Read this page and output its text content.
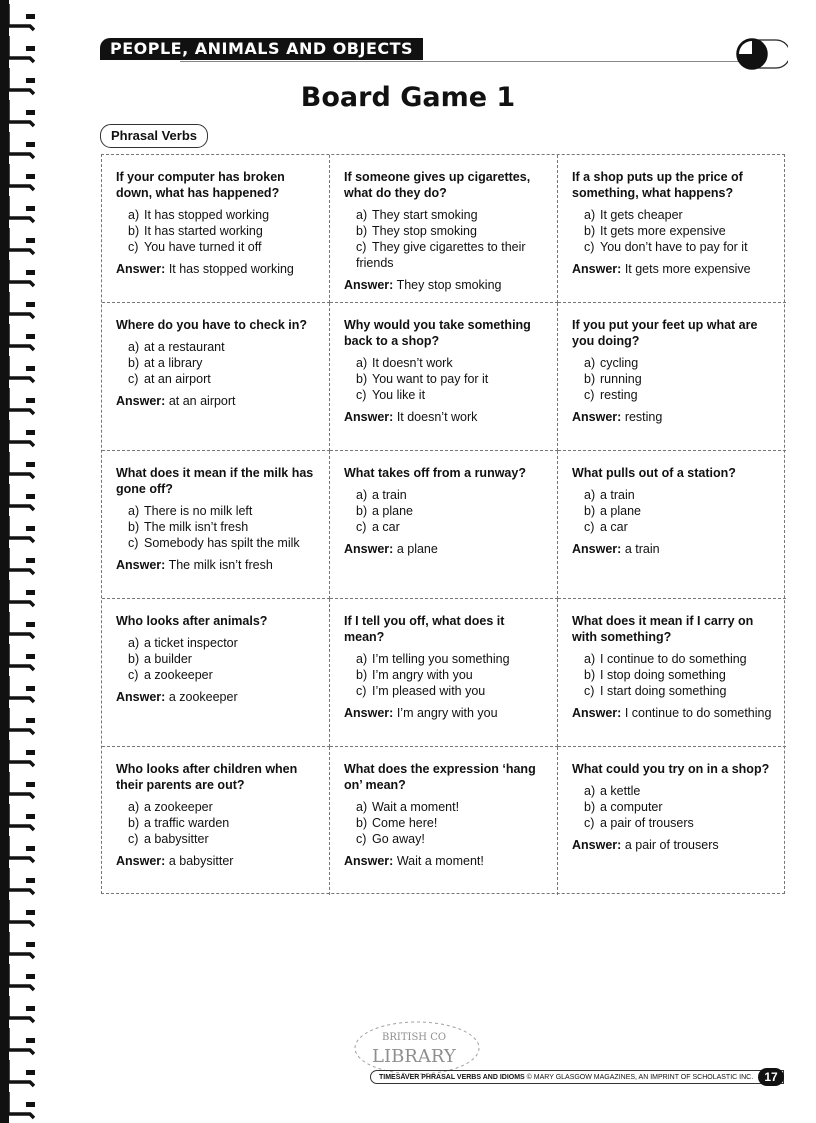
PEOPLE, ANIMALS AND OBJECTS
Board Game 1
Phrasal Verbs

If your computer has broken down, what has happened?

a) It has stopped working
b) It has started working
c) You have turned it off
Answer: It has stopped working

If someone gives up cigarettes, what do they do?

a) They start smoking
b) They stop smoking
c) They give cigarettes to their friends
Answer: They stop smoking

If a shop puts up the price of something, what happens?

a) It gets cheaper
b) It gets more expensive
c) You don’t have to pay for it
Answer: It gets more expensive

Where do you have to check in?

a) at a restaurant
b) at a library
c) at an airport
Answer: at an airport

Why would you take something back to a shop?

a) It doesn’t work
b) You want to pay for it
c) You like it
Answer: It doesn’t work

If you put your feet up what are you doing?

a) cycling
b) running
c) resting
Answer: resting

What does it mean if the milk has gone off?

a) There is no milk left
b) The milk isn’t fresh
c) Somebody has spilt the milk
Answer: The milk isn’t fresh

What takes off from a runway?

a) a train
b) a plane
c) a car
Answer: a plane

What pulls out of a station?

a) a train
b) a plane
c) a car
Answer: a train

Who looks after animals?

a) a ticket inspector
b) a builder
c) a zookeeper
Answer: a zookeeper

If I tell you off, what does it mean?

a) I’m telling you something
b) I’m angry with you
c) I’m pleased with you
Answer: I’m angry with you

What does it mean if I carry on with something?

a) I continue to do something
b) I stop doing something
c) I start doing something
Answer: I continue to do something

Who looks after children when their parents are out?

a) a zookeeper
b) a traffic warden
c) a babysitter
Answer: a babysitter

What does the expression ‘hang on’ mean?

a) Wait a moment!
b) Come here!
c) Go away!
Answer: Wait a moment!

What could you try on in a shop?

a) a kettle
b) a computer
c) a pair of trousers
Answer: a pair of trousers
BRITISH CO
LIBRARY
TIMESAVER PHRASAL VERBS AND IDIOMS © MARY GLASGOW MAGAZINES, AN IMPRINT OF SCHOLASTIC INC. 17
